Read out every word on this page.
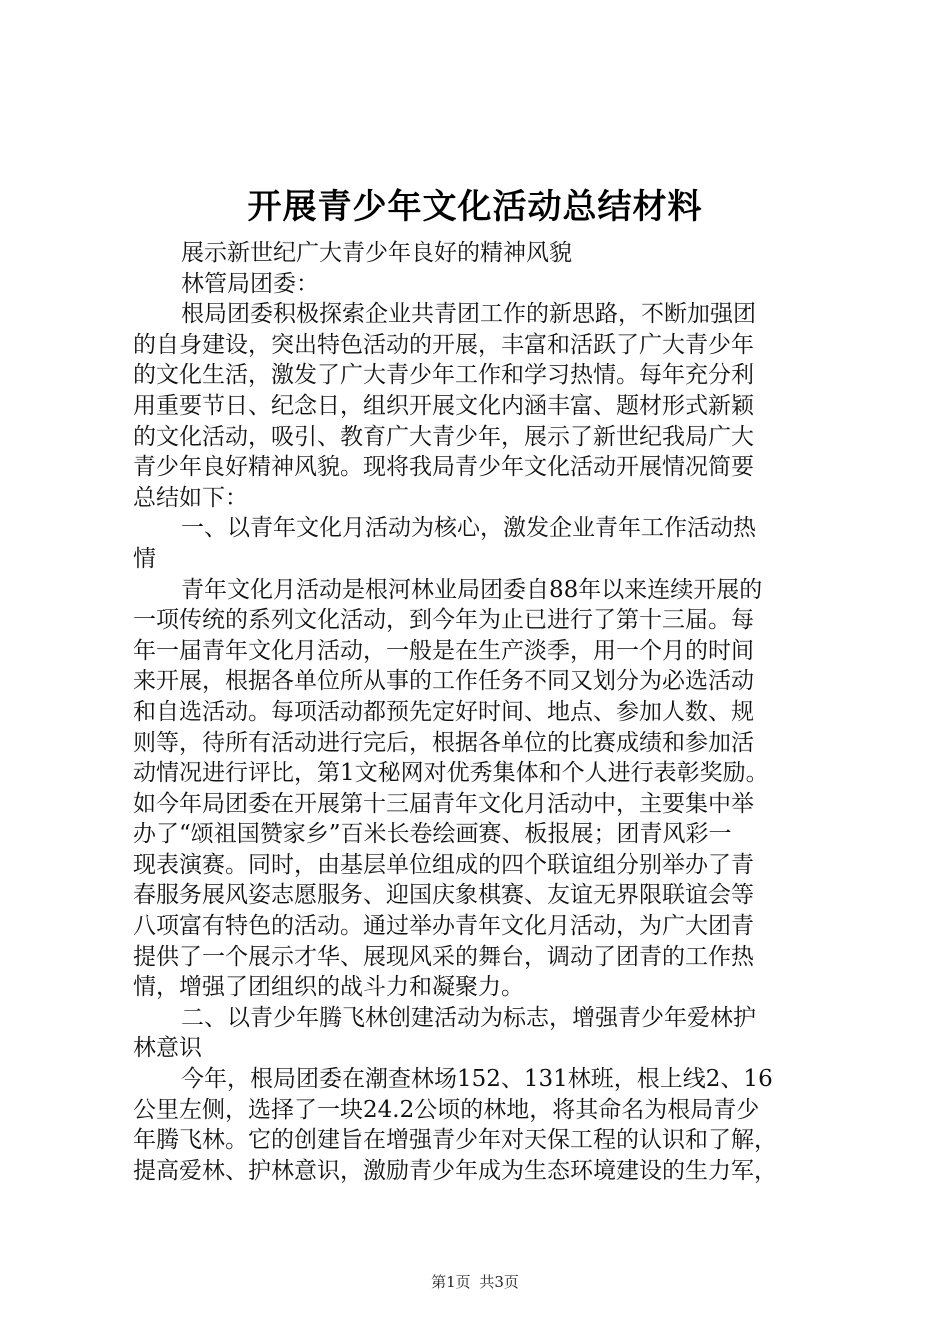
开展青少年文化活动总结材料
展示新世纪广大青少年良好的精神风貌
林管局团委：
根局团委积极探索企业共青团工作的新思路，不断加强团
的自身建设，突出特色活动的开展，丰富和活跃了广大青少年
的文化生活，激发了广大青少年工作和学习热情。每年充分利
用重要节日、纪念日，组织开展文化内涵丰富、题材形式新颖
的文化活动，吸引、教育广大青少年，展示了新世纪我局广大
青少年良好精神风貌。现将我局青少年文化活动开展情况简要
总结如下：
一、以青年文化月活动为核心，激发企业青年工作活动热
情
青年文化月活动是根河林业局团委自88年以来连续开展的
一项传统的系列文化活动，到今年为止已进行了第十三届。每
年一届青年文化月活动，一般是在生产淡季，用一个月的时间
来开展，根据各单位所从事的工作任务不同又划分为必选活动
和自选活动。每项活动都预先定好时间、地点、参加人数、规
则等，待所有活动进行完后，根据各单位的比赛成绩和参加活
动情况进行评比，第1文秘网对优秀集体和个人进行表彰奖励。
如今年局团委在开展第十三届青年文化月活动中，主要集中举
办了“颂祖国赞家乡”百米长卷绘画赛、板报展；团青风彩一
现表演赛。同时，由基层单位组成的四个联谊组分别举办了青
春服务展风姿志愿服务、迎国庆象棋赛、友谊无界限联谊会等
八项富有特色的活动。通过举办青年文化月活动，为广大团青
提供了一个展示才华、展现风采的舞台，调动了团青的工作热
情，增强了团组织的战斗力和凝聚力。
二、以青少年腾飞林创建活动为标志，增强青少年爱林护
林意识
今年，根局团委在潮查林场152、131林班，根上线2、16
公里左侧，选择了一块24.2公顷的林地，将其命名为根局青少
年腾飞林。它的创建旨在增强青少年对天保工程的认识和了解，
提高爱林、护林意识，激励青少年成为生态环境建设的生力军，
第1页 共3页
